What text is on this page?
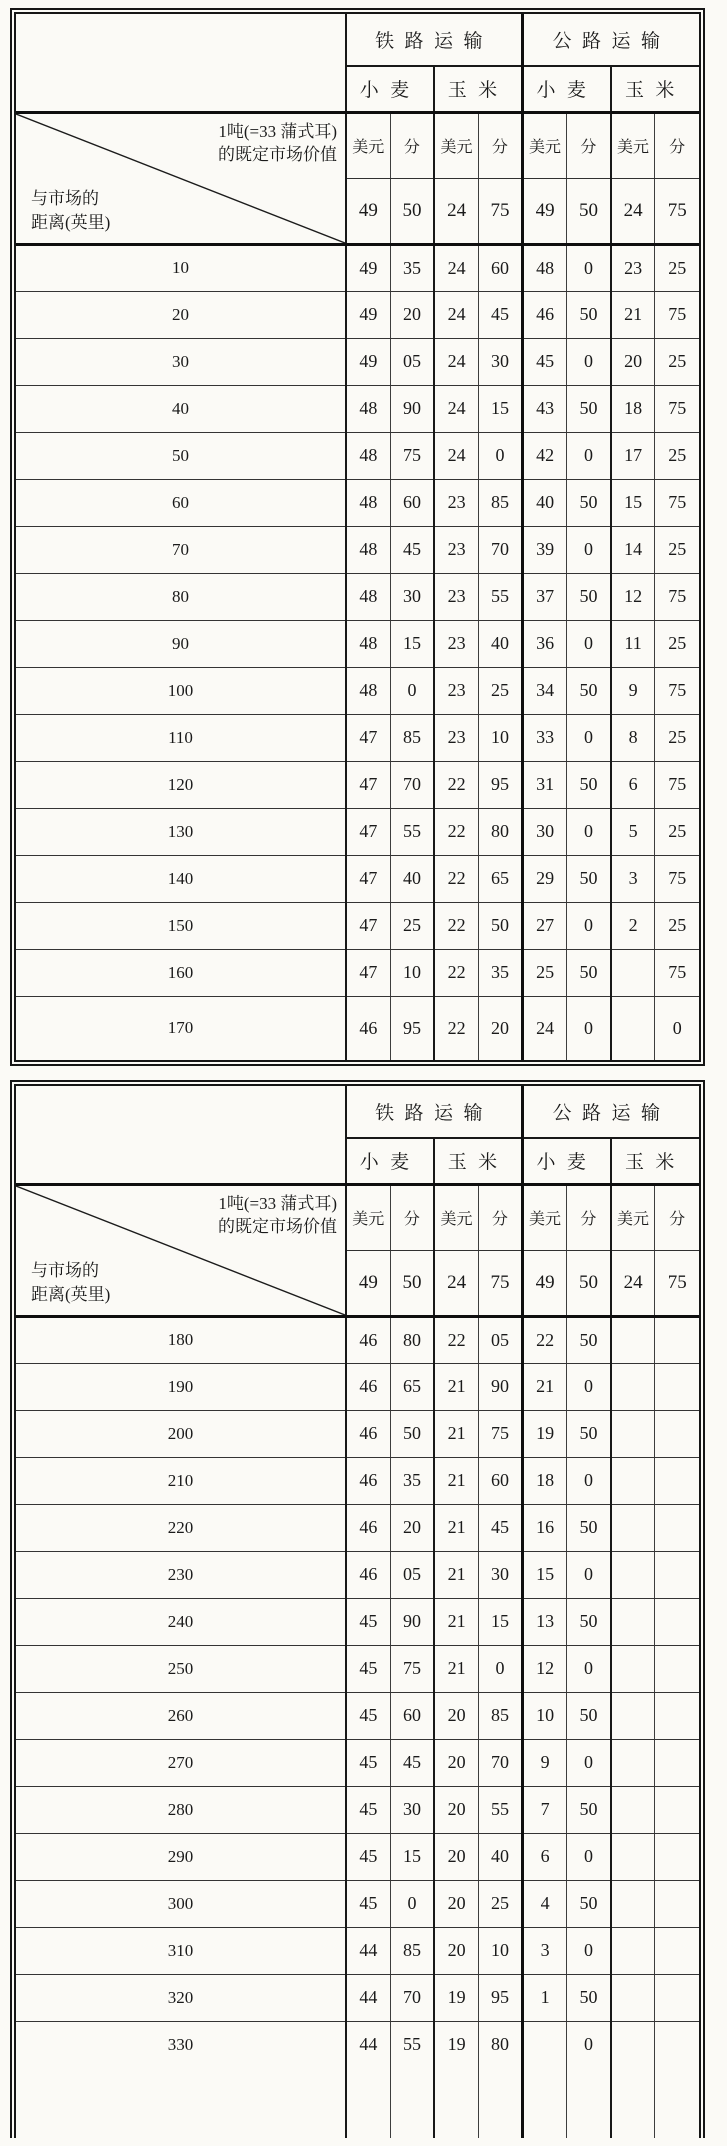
	铁路运输				公路运输			
	小麦		玉米		小麦		玉米	

1吨(=33 蒲式耳)
的既定市场价值
与市场的
距离(英里)	美元	分	美元	分	美元	分	美元	分
	49	50	24	75	49	50	24	75
10	49	35	24	60	48	0	23	25
20	49	20	24	45	46	50	21	75
30	49	05	24	30	45	0	20	25
40	48	90	24	15	43	50	18	75
50	48	75	24	0	42	0	17	25
60	48	60	23	85	40	50	15	75
70	48	45	23	70	39	0	14	25
80	48	30	23	55	37	50	12	75
90	48	15	23	40	36	0	11	25
100	48	0	23	25	34	50	9	75
110	47	85	23	10	33	0	8	25
120	47	70	22	95	31	50	6	75
130	47	55	22	80	30	0	5	25
140	47	40	22	65	29	50	3	75
150	47	25	22	50	27	0	2	25
160	47	10	22	35	25	50		75
170	46	95	22	20	24	0		0
	铁路运输				公路运输			
	小麦		玉米		小麦		玉米	

1吨(=33 蒲式耳)
的既定市场价值
与市场的
距离(英里)	美元	分	美元	分	美元	分	美元	分
	49	50	24	75	49	50	24	75
180	46	80	22	05	22	50		
190	46	65	21	90	21	0		
200	46	50	21	75	19	50		
210	46	35	21	60	18	0		
220	46	20	21	45	16	50		
230	46	05	21	30	15	0		
240	45	90	21	15	13	50		
250	45	75	21	0	12	0		
260	45	60	20	85	10	50		
270	45	45	20	70	9	0		
280	45	30	20	55	7	50		
290	45	15	20	40	6	0		
300	45	0	20	25	4	50		
310	44	85	20	10	3	0		
320	44	70	19	95	1	50		
330	44	55	19	80		0		
